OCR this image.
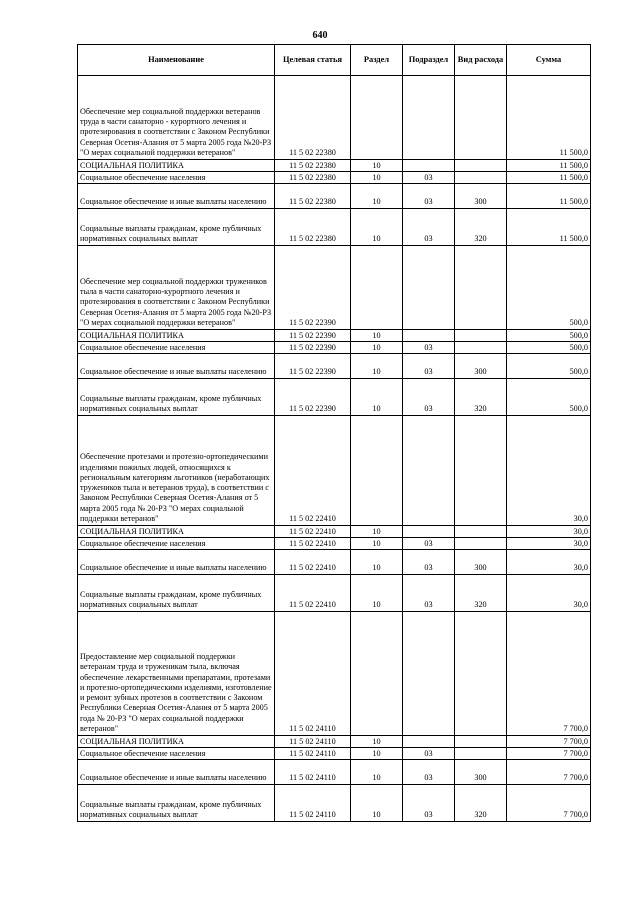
640
Наименование	Целевая статья	Раздел	Подраздел	Вид расхода	Сумма
Обеспечение мер социальной поддержки ветеранов труда в части санаторно - курортного лечения и протезирования в соответствии с Законом Республики Северная Осетия-Алания от 5 марта 2005 года №20-РЗ "О мерах социальной поддержки ветеранов"	11 5 02 22380				11 500,0
СОЦИАЛЬНАЯ ПОЛИТИКА	11 5 02 22380	10			11 500,0
Социальное обеспечение населения	11 5 02 22380	10	03		11 500,0
Социальное обеспечение и иные выплаты населению	11 5 02 22380	10	03	300	11 500,0
Социальные выплаты гражданам, кроме публичных нормативных социальных выплат	11 5 02 22380	10	03	320	11 500,0
Обеспечение мер социальной поддержки тружеников тыла в части санаторно-курортного лечения и протезирования в соответствии с Законом Республики Северная Осетия-Алания от 5 марта 2005 года №20-РЗ "О мерах социальной поддержки ветеранов"	11 5 02 22390				500,0
СОЦИАЛЬНАЯ ПОЛИТИКА	11 5 02 22390	10			500,0
Социальное обеспечение населения	11 5 02 22390	10	03		500,0
Социальное обеспечение и иные выплаты населению	11 5 02 22390	10	03	300	500,0
Социальные выплаты гражданам, кроме публичных нормативных социальных выплат	11 5 02 22390	10	03	320	500,0
Обеспечение протезами и протезно-ортопедическими изделиями пожилых людей, относящихся к региональным категориям льготников (неработающих тружеников тыла и ветеранов труда), в соответствии с Законом Республики Северная Осетия-Алания от 5 марта 2005 года № 20-РЗ "О мерах социальной поддержки ветеранов"	11 5 02 22410				30,0
СОЦИАЛЬНАЯ ПОЛИТИКА	11 5 02 22410	10			30,0
Социальное обеспечение населения	11 5 02 22410	10	03		30,0
Социальное обеспечение и иные выплаты населению	11 5 02 22410	10	03	300	30,0
Социальные выплаты гражданам, кроме публичных нормативных социальных выплат	11 5 02 22410	10	03	320	30,0
Предоставление мер социальной поддержки ветеранам труда и труженикам тыла, включая обеспечение лекарственными препаратами, протезами и протезно-ортопедическими изделиями, изготовление и ремонт зубных протезов в соответствии с Законом Республики Северная Осетия-Алания от 5 марта 2005 года № 20-РЗ "О мерах социальной поддержки ветеранов"	11 5 02 24110				7 700,0
СОЦИАЛЬНАЯ ПОЛИТИКА	11 5 02 24110	10			7 700,0
Социальное обеспечение населения	11 5 02 24110	10	03		7 700,0
Социальное обеспечение и иные выплаты населению	11 5 02 24110	10	03	300	7 700,0
Социальные выплаты гражданам, кроме публичных нормативных социальных выплат	11 5 02 24110	10	03	320	7 700,0
